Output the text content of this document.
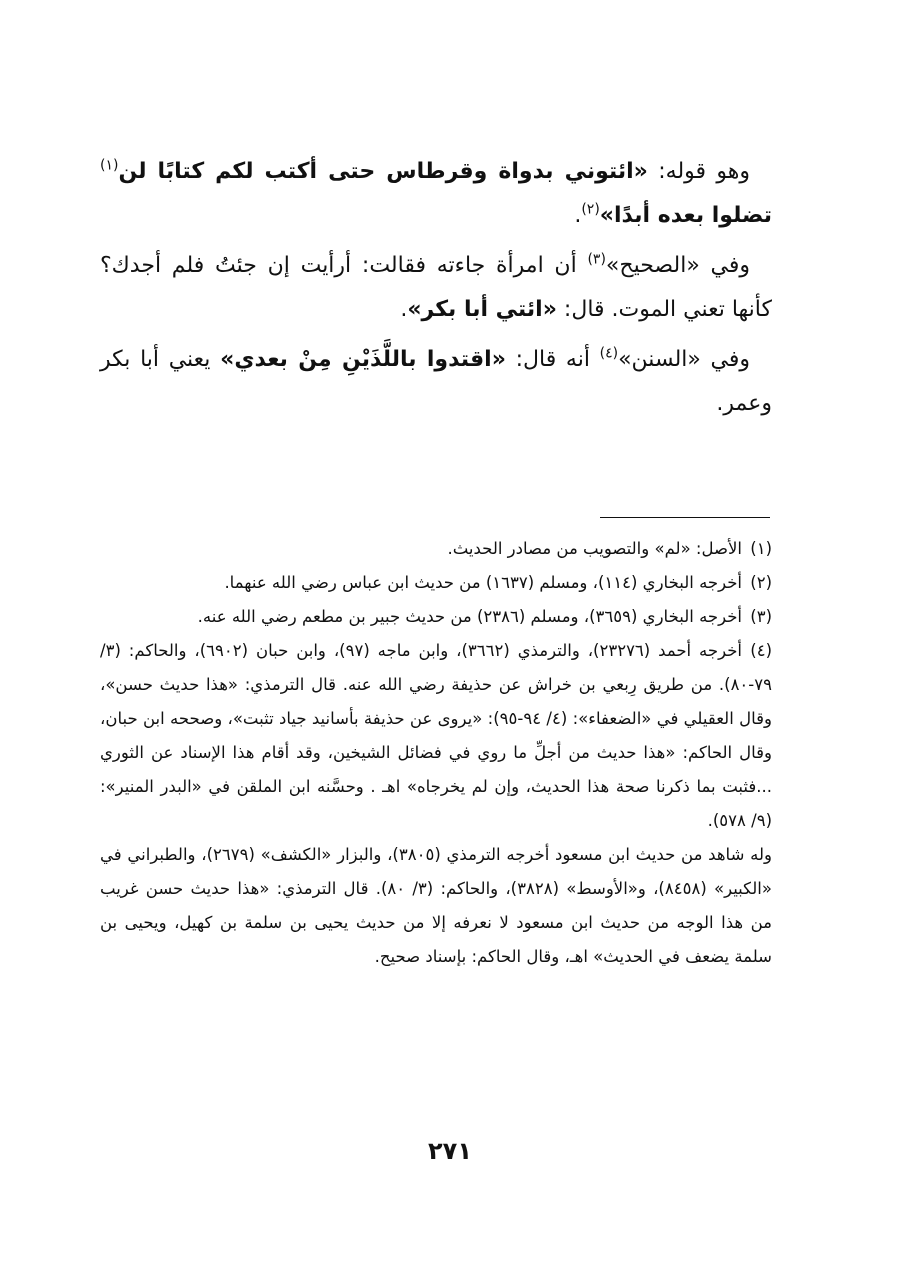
وهو قوله: «ائتوني بدواة وقرطاس حتى أكتب لكم كتابًا لن$^{(١)}$ تضلوا بعده أبدًا»$^{(٢)}$.

وفي «الصحيح»$^{(٣)}$ أن امرأة جاءته فقالت: أرأيت إن جئتُ فلم أجدك؟ كأنها تعني الموت. قال: «ائتي أبا بكر».

وفي «السنن»$^{(٤)}$ أنه قال: «اقتدوا باللَّذَيْنِ مِنْ بعدي» يعني أبا بكر وعمر.

(١)الأصل: «لم» والتصويب من مصادر الحديث.

(٢)أخرجه البخاري (١١٤)، ومسلم (١٦٣٧) من حديث ابن عباس رضي الله عنهما.

(٣)أخرجه البخاري (٣٦٥٩)، ومسلم (٢٣٨٦) من حديث جبير بن مطعم رضي الله عنه.

(٤)أخرجه أحمد (٢٣٢٧٦)، والترمذي (٣٦٦٢)، وابن ماجه (٩٧)، وابن حبان (٦٩٠٢)، والحاكم: (٣/ ٧٩-٨٠). من طريق رِبعي بن خراش عن حذيفة رضي الله عنه. قال الترمذي: «هذا حديث حسن»، وقال العقيلي في «الضعفاء»: (٤/ ٩٤-٩٥): «يروى عن حذيفة بأسانيد جياد تثبت»، وصححه ابن حبان، وقال الحاكم: «هذا حديث من أجلِّ ما روي في فضائل الشيخين، وقد أقام هذا الإسناد عن الثوري ...فثبت بما ذكرنا صحة هذا الحديث، وإن لم يخرجاه» اهـ . وحسَّنه ابن الملقن في «البدر المنير»: (٩/ ٥٧٨).

وله شاهد من حديث ابن مسعود أخرجه الترمذي (٣٨٠٥)، والبزار «الكشف» (٢٦٧٩)، والطبراني في «الكبير» (٨٤٥٨)، و«الأوسط» (٣٨٢٨)، والحاكم: (٣/ ٨٠). قال الترمذي: «هذا حديث حسن غريب من هذا الوجه من حديث ابن مسعود لا نعرفه إلا من حديث يحيى بن سلمة بن كهيل، ويحيى بن سلمة يضعف في الحديث» اهـ، وقال الحاكم: بإسناد صحيح.

٢٧١
